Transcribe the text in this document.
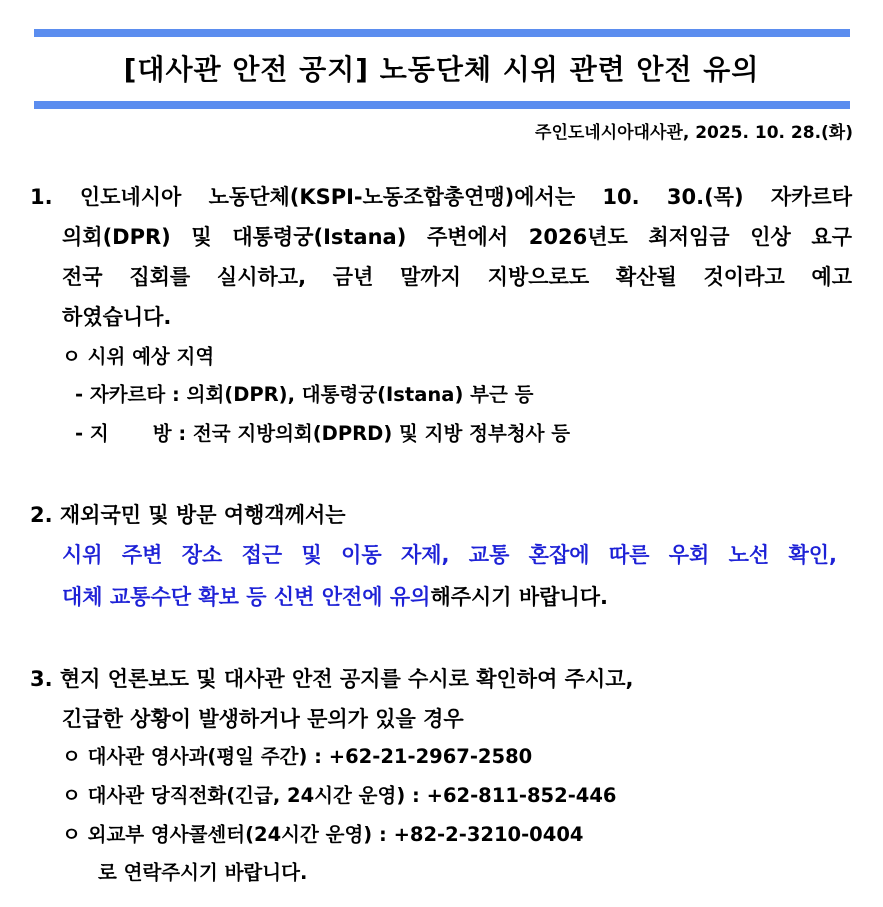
[대사관 안전 공지] 노동단체 시위 관련 안전 유의
주인도네시아대사관, 2025. 10. 28.(화)
1. 인도네시아 노동단체(KSPI-노동조합총연맹)에서는 10. 30.(목) 자카르타
의회(DPR) 및 대통령궁(Istana) 주변에서 2026년도 최저임금 인상 요구
전국 집회를 실시하고, 금년 말까지 지방으로도 확산될 것이라고 예고
하였습니다.
ㅇ 시위 예상 지역
- 자카르타 : 의회(DPR), 대통령궁(Istana) 부근 등
- 지 방 : 전국 지방의회(DPRD) 및 지방 정부청사 등
2. 재외국민 및 방문 여행객께서는
시위 주변 장소 접근 및 이동 자제, 교통 혼잡에 따른 우회 노선 확인,
대체 교통수단 확보 등 신변 안전에 유의해주시기 바랍니다.
3. 현지 언론보도 및 대사관 안전 공지를 수시로 확인하여 주시고,
긴급한 상황이 발생하거나 문의가 있을 경우
ㅇ 대사관 영사과(평일 주간) : +62-21-2967-2580
ㅇ 대사관 당직전화(긴급, 24시간 운영) : +62-811-852-446
ㅇ 외교부 영사콜센터(24시간 운영) : +82-2-3210-0404
로 연락주시기 바랍니다.
